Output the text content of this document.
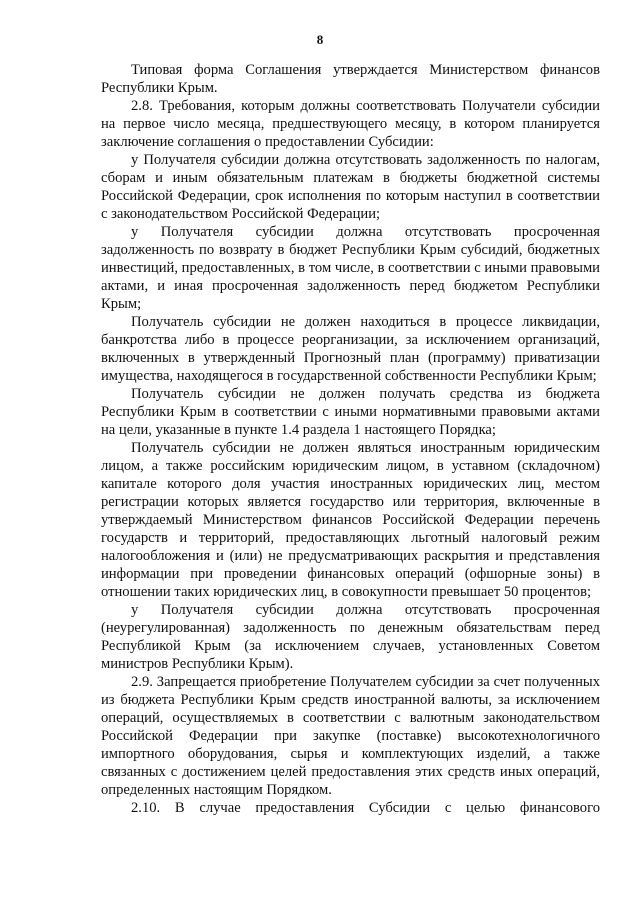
8

Типовая форма Соглашения утверждается Министерством финансов Республики Крым.

2.8. Требования, которым должны соответствовать Получатели субсидии на первое число месяца, предшествующего месяцу, в котором планируется заключение соглашения о предоставлении Субсидии:

у Получателя субсидии должна отсутствовать задолженность по налогам, сборам и иным обязательным платежам в бюджеты бюджетной системы Российской Федерации, срок исполнения по которым наступил в соответствии с законодательством Российской Федерации;

у Получателя субсидии должна отсутствовать просроченная задолженность по возврату в бюджет Республики Крым субсидий, бюджетных инвестиций, предоставленных, в том числе, в соответствии с иными правовыми актами, и иная просроченная задолженность перед бюджетом Республики Крым;

Получатель субсидии не должен находиться в процессе ликвидации, банкротства либо в процессе реорганизации, за исключением организаций, включенных в утвержденный Прогнозный план (программу) приватизации имущества, находящегося в государственной собственности Республики Крым;

Получатель субсидии не должен получать средства из бюджета Республики Крым в соответствии с иными нормативными правовыми актами на цели, указанные в пункте 1.4 раздела 1 настоящего Порядка;

Получатель субсидии не должен являться иностранным юридическим лицом, а также российским юридическим лицом, в уставном (складочном) капитале которого доля участия иностранных юридических лиц, местом регистрации которых является государство или территория, включенные в утверждаемый Министерством финансов Российской Федерации перечень государств и территорий, предоставляющих льготный налоговый режим налогообложения и (или) не предусматривающих раскрытия и представления информации при проведении финансовых операций (офшорные зоны) в отношении таких юридических лиц, в совокупности превышает 50 процентов;

у Получателя субсидии должна отсутствовать просроченная (неурегулированная) задолженность по денежным обязательствам перед Республикой Крым (за исключением случаев, установленных Советом министров Республики Крым).

2.9. Запрещается приобретение Получателем субсидии за счет полученных из бюджета Республики Крым средств иностранной валюты, за исключением операций, осуществляемых в соответствии с валютным законодательством Российской Федерации при закупке (поставке) высокотехнологичного импортного оборудования, сырья и комплектующих изделий, а также связанных с достижением целей предоставления этих средств иных операций, определенных настоящим Порядком.

2.10. В случае предоставления Субсидии с целью финансового
